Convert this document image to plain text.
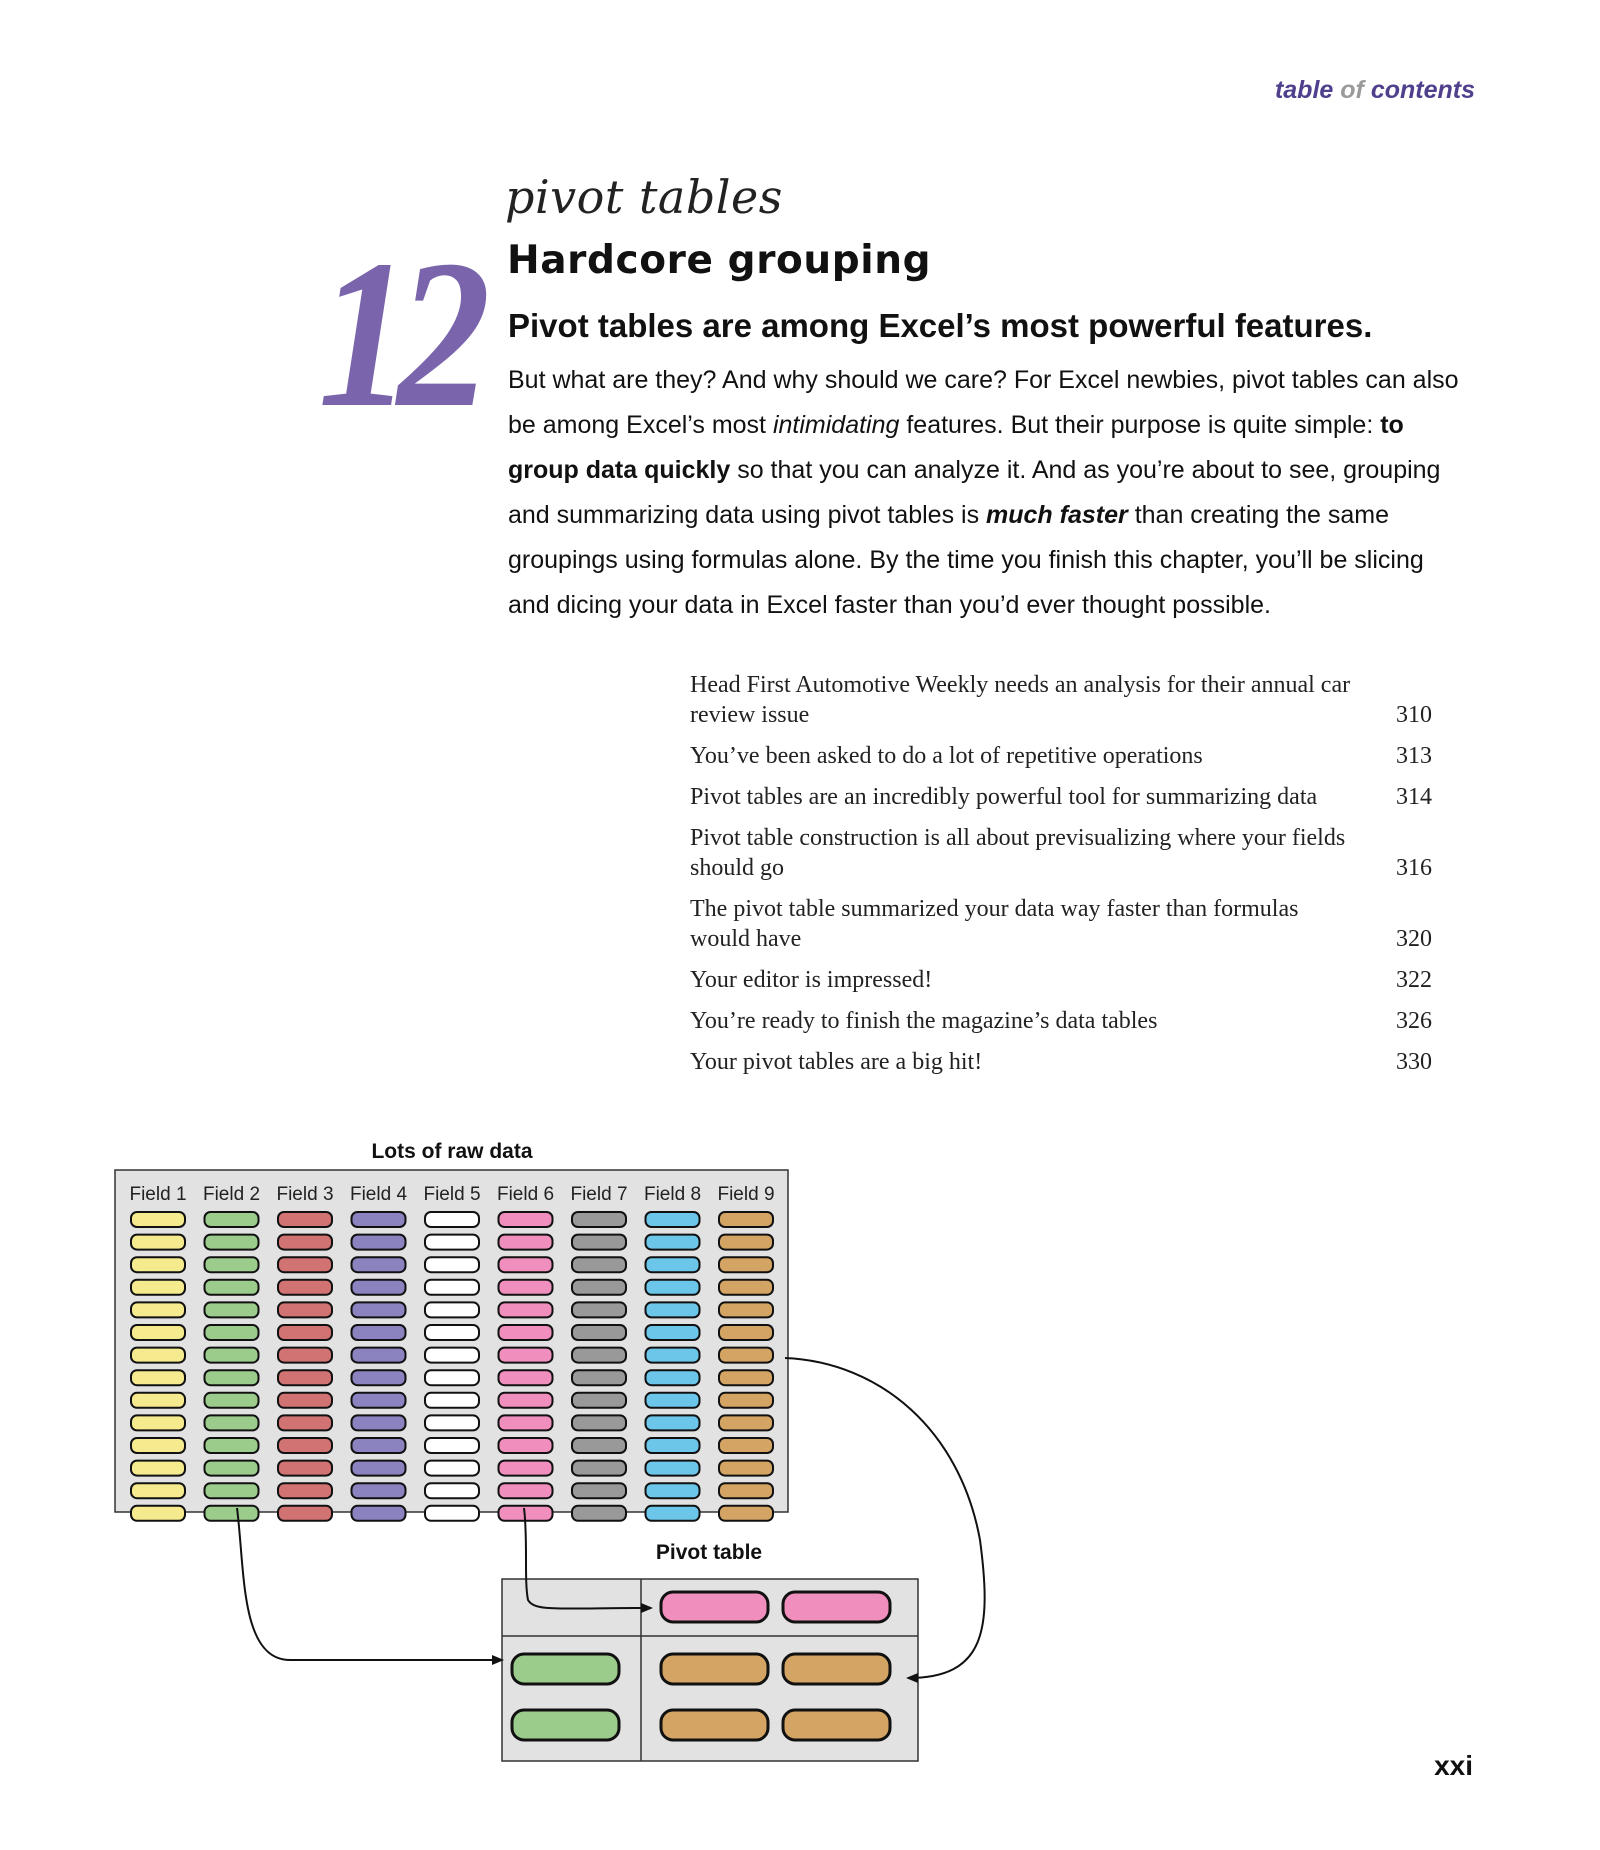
table of contents
12
pivot tables
Hardcore grouping
Pivot tables are among Excel’s most powerful features.

But what are they? And why should we care? For Excel newbies, pivot tables can also be among Excel’s most intimidating features. But their purpose is quite simple: to group data quickly so that you can analyze it. And as you’re about to see, grouping and summarizing data using pivot tables is much faster than creating the same groupings using formulas alone. By the time you finish this chapter, you’ll be slicing and dicing your data in Excel faster than you’d ever thought possible.

Head First Automotive Weekly needs an analysis for their annual car review issue	310
You’ve been asked to do a lot of repetitive operations	313
Pivot tables are an incredibly powerful tool for summarizing data	314
Pivot table construction is all about previsualizing where your fields should go	316
The pivot table summarized your data way faster than formulas would have	320
Your editor is impressed!	322
You’re ready to finish the magazine’s data tables	326
Your pivot tables are a big hit!	330
Lots of raw data
Field 1 Field 2 Field 3 Field 4 Field 5 Field 6 Field 7 Field 8 Field 9
Pivot table
xxi
